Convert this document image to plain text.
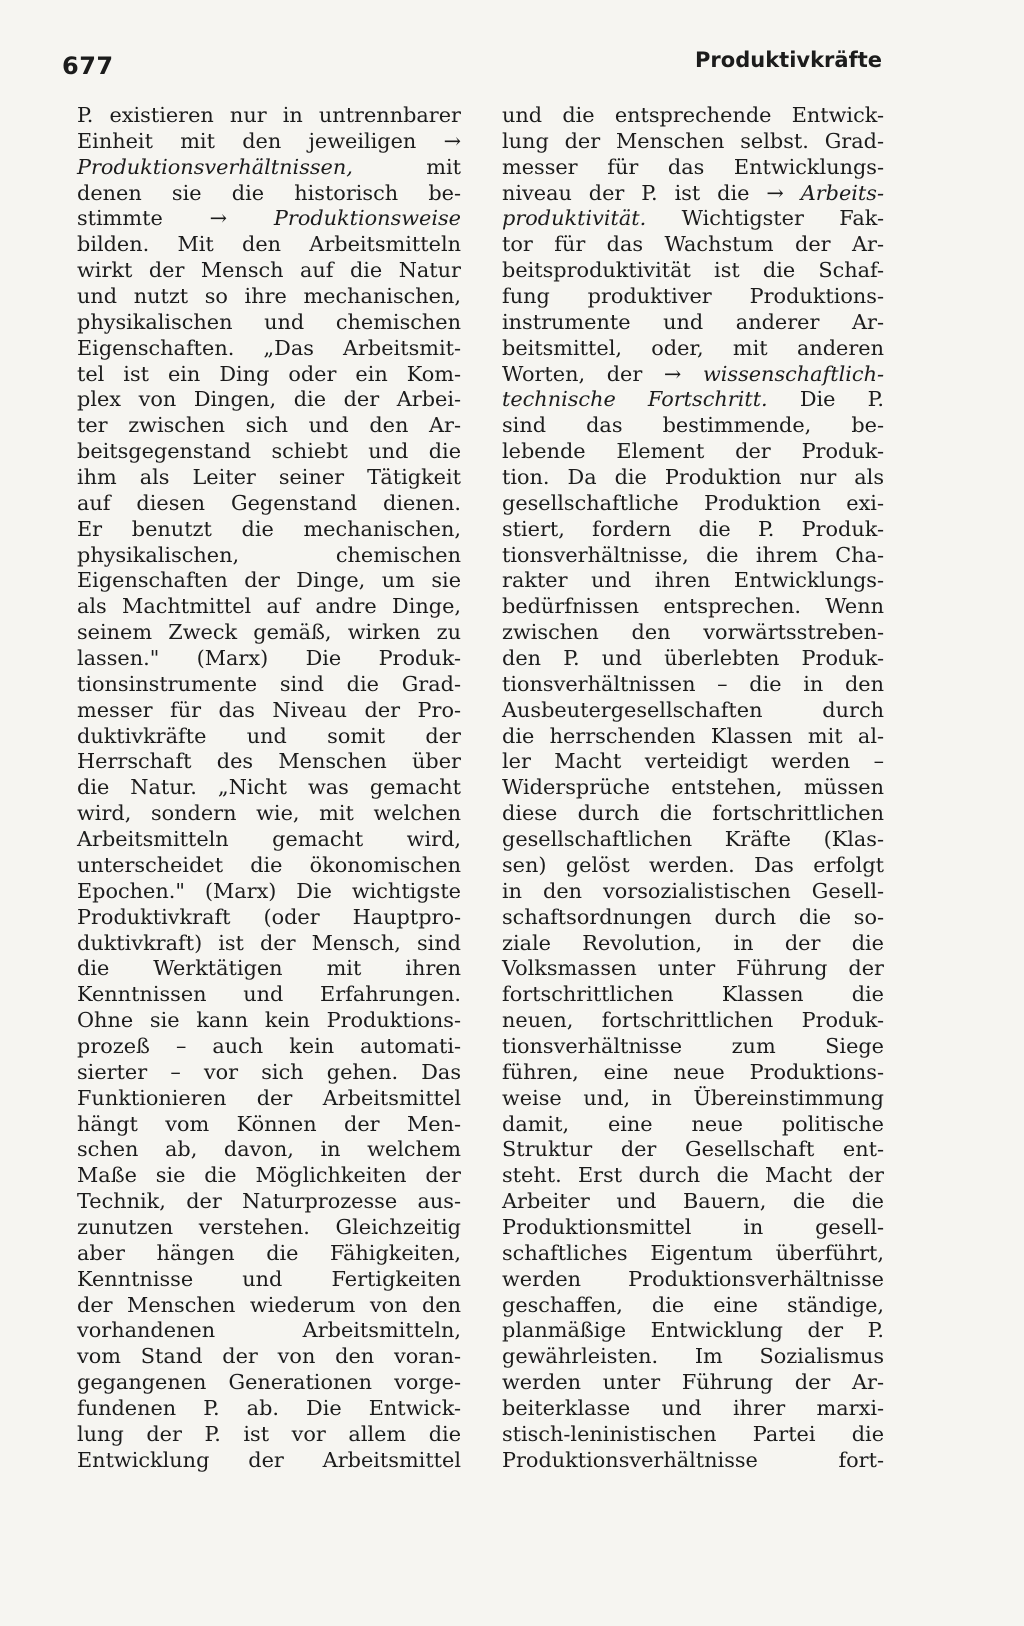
677	Produktivkräfte
P. existieren nur in untrennbarer
Einheit mit den jeweiligen →
Produktionsverhältnissen, mit
denen sie die historisch be-
stimmte → Produktionsweise
bilden. Mit den Arbeitsmitteln
wirkt der Mensch auf die Natur
und nutzt so ihre mechanischen,
physikalischen und chemischen
Eigenschaften. „Das Arbeitsmit-
tel ist ein Ding oder ein Kom-
plex von Dingen, die der Arbei-
ter zwischen sich und den Ar-
beitsgegenstand schiebt und die
ihm als Leiter seiner Tätigkeit
auf diesen Gegenstand dienen.
Er benutzt die mechanischen,
physikalischen, chemischen
Eigenschaften der Dinge, um sie
als Machtmittel auf andre Dinge,
seinem Zweck gemäß, wirken zu
lassen." (Marx) Die Produk-
tionsinstrumente sind die Grad-
messer für das Niveau der Pro-
duktivkräfte und somit der
Herrschaft des Menschen über
die Natur. „Nicht was gemacht
wird, sondern wie, mit welchen
Arbeitsmitteln gemacht wird,
unterscheidet die ökonomischen
Epochen." (Marx) Die wichtigste
Produktivkraft (oder Hauptpro-
duktivkraft) ist der Mensch, sind
die Werktätigen mit ihren
Kenntnissen und Erfahrungen.
Ohne sie kann kein Produktions-
prozeß – auch kein automati-
sierter – vor sich gehen. Das
Funktionieren der Arbeitsmittel
hängt vom Können der Men-
schen ab, davon, in welchem
Maße sie die Möglichkeiten der
Technik, der Naturprozesse aus-
zunutzen verstehen. Gleichzeitig
aber hängen die Fähigkeiten,
Kenntnisse und Fertigkeiten
der Menschen wiederum von den
vorhandenen Arbeitsmitteln,
vom Stand der von den voran-
gegangenen Generationen vorge-
fundenen P. ab. Die Entwick-
lung der P. ist vor allem die
Entwicklung der Arbeitsmittel
und die entsprechende Entwick-
lung der Menschen selbst. Grad-
messer für das Entwicklungs-
niveau der P. ist die → Arbeits-
produktivität. Wichtigster Fak-
tor für das Wachstum der Ar-
beitsproduktivität ist die Schaf-
fung produktiver Produktions-
instrumente und anderer Ar-
beitsmittel, oder, mit anderen
Worten, der → wissenschaftlich-
technische Fortschritt. Die P.
sind das bestimmende, be-
lebende Element der Produk-
tion. Da die Produktion nur als
gesellschaftliche Produktion exi-
stiert, fordern die P. Produk-
tionsverhältnisse, die ihrem Cha-
rakter und ihren Entwicklungs-
bedürfnissen entsprechen. Wenn
zwischen den vorwärtsstreben-
den P. und überlebten Produk-
tionsverhältnissen – die in den
Ausbeutergesellschaften durch
die herrschenden Klassen mit al-
ler Macht verteidigt werden –
Widersprüche entstehen, müssen
diese durch die fortschrittlichen
gesellschaftlichen Kräfte (Klas-
sen) gelöst werden. Das erfolgt
in den vorsozialistischen Gesell-
schaftsordnungen durch die so-
ziale Revolution, in der die
Volksmassen unter Führung der
fortschrittlichen Klassen die
neuen, fortschrittlichen Produk-
tionsverhältnisse zum Siege
führen, eine neue Produktions-
weise und, in Übereinstimmung
damit, eine neue politische
Struktur der Gesellschaft ent-
steht. Erst durch die Macht der
Arbeiter und Bauern, die die
Produktionsmittel in gesell-
schaftliches Eigentum überführt,
werden Produktionsverhältnisse
geschaffen, die eine ständige,
planmäßige Entwicklung der P.
gewährleisten. Im Sozialismus
werden unter Führung der Ar-
beiterklasse und ihrer marxi-
stisch-leninistischen Partei die
Produktionsverhältnisse fort-
